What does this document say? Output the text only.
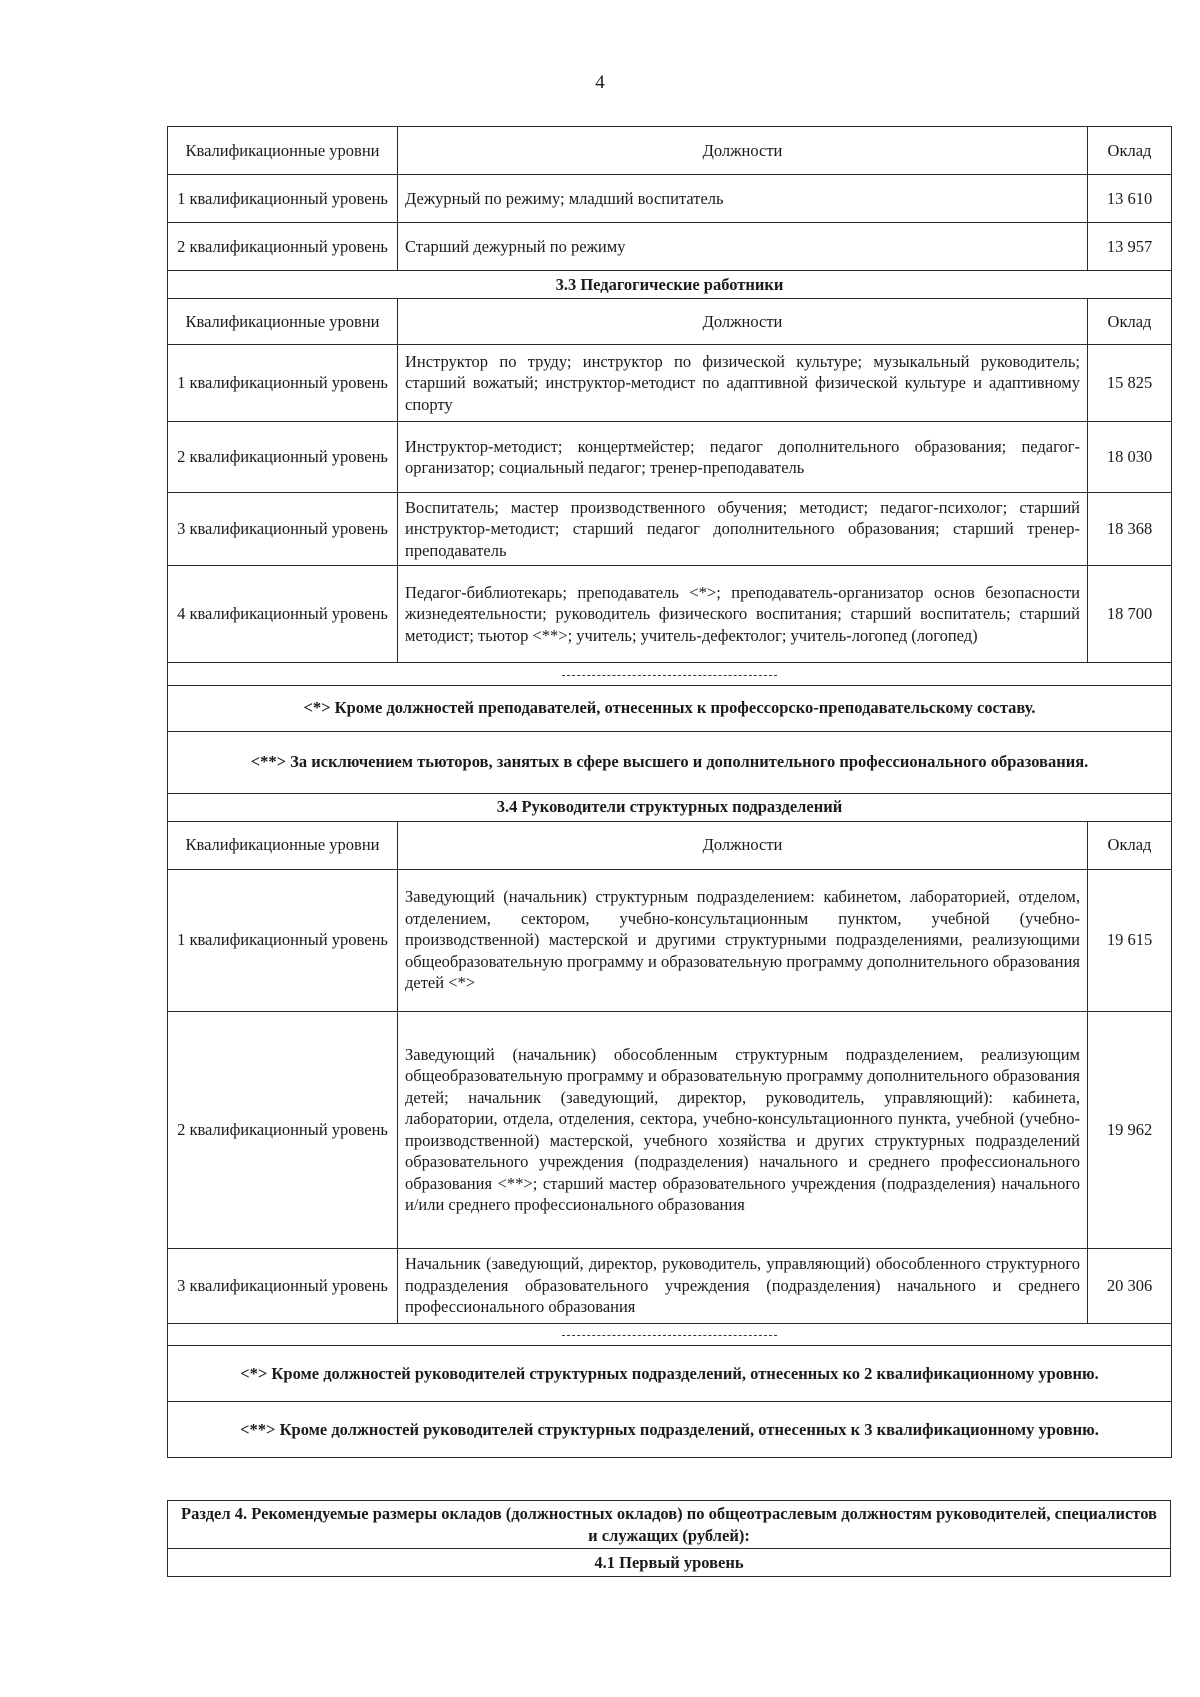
4
Квалификационные уровни	Должности	Оклад
1 квалификационный уровень	Дежурный по режиму; младший воспитатель	13 610
2 квалификационный уровень	Старший дежурный по режиму	13 957
3.3 Педагогические работники		
Квалификационные уровни	Должности	Оклад
1 квалификационный уровень	Инструктор по труду; инструктор по физической культуре; музыкальный руководитель; старший вожатый; инструктор-методист по адаптивной физической культуре и адаптивному спорту	15 825
2 квалификационный уровень	Инструктор-методист; концертмейстер; педагог дополнительного образования; педагог-организатор; социальный педагог; тренер-преподаватель	18 030
3 квалификационный уровень	Воспитатель; мастер производственного обучения; методист; педагог-психолог; старший инструктор-методист; старший педагог дополнительного образования; старший тренер-преподаватель	18 368
4 квалификационный уровень	Педагог-библиотекарь; преподаватель <*>; преподаватель-организатор основ безопасности жизнедеятельности; руководитель физического воспитания; старший воспитатель; старший методист; тьютор <**>; учитель; учитель-дефектолог; учитель-логопед (логопед)	18 700

<*> Кроме должностей преподавателей, отнесенных к профессорско-преподавательскому составу.		
<**> За исключением тьюторов, занятых в сфере высшего и дополнительного профессионального образования.		
3.4 Руководители структурных подразделений		
Квалификационные уровни	Должности	Оклад
1 квалификационный уровень	Заведующий (начальник) структурным подразделением: кабинетом, лабораторией, отделом, отделением, сектором, учебно-консультационным пунктом, учебной (учебно-производственной) мастерской и другими структурными подразделениями, реализующими общеобразовательную программу и образовательную программу дополнительного образования детей <*>	19 615
2 квалификационный уровень	Заведующий (начальник) обособленным структурным подразделением, реализующим общеобразовательную программу и образовательную программу дополнительного образования детей; начальник (заведующий, директор, руководитель, управляющий): кабинета, лаборатории, отдела, отделения, сектора, учебно-консультационного пункта, учебной (учебно-производственной) мастерской, учебного хозяйства и других структурных подразделений образовательного учреждения (подразделения) начального и среднего профессионального образования <**>; старший мастер образовательного учреждения (подразделения) начального и/или среднего профессионального образования	19 962
3 квалификационный уровень	Начальник (заведующий, директор, руководитель, управляющий) обособленного структурного подразделения образовательного учреждения (подразделения) начального и среднего профессионального образования	20 306

<*> Кроме должностей руководителей структурных подразделений, отнесенных ко 2 квалификационному уровню.		
<**> Кроме должностей руководителей структурных подразделений, отнесенных к 3 квалификационному уровню.		
Раздел 4. Рекомендуемые размеры окладов (должностных окладов) по общеотраслевым должностям руководителей, специалистов и служащих (рублей):
4.1 Первый уровень
